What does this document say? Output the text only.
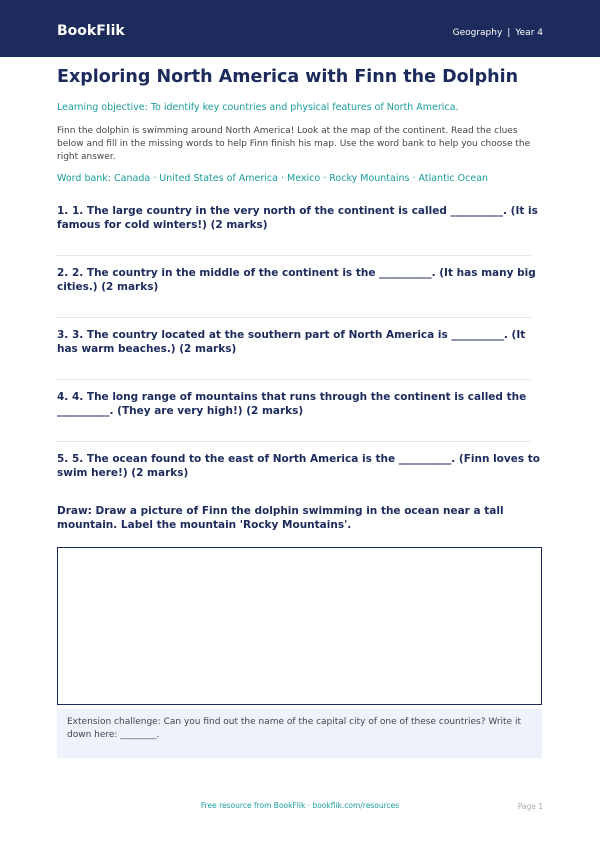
BookFlik	Geography | Year 4
Exploring North America with Finn the Dolphin
Learning objective: To identify key countries and physical features of North America.
Finn the dolphin is swimming around North America! Look at the map of the continent. Read the clues below and fill in the missing words to help Finn finish his map. Use the word bank to help you choose the right answer.
Word bank: Canada · United States of America · Mexico · Rocky Mountains · Atlantic Ocean
1. 1. The large country in the very north of the continent is called __________. (It is famous for cold winters!) (2 marks)
2. 2. The country in the middle of the continent is the __________. (It has many big cities.) (2 marks)
3. 3. The country located at the southern part of North America is __________. (It has warm beaches.) (2 marks)
4. 4. The long range of mountains that runs through the continent is called the __________. (They are very high!) (2 marks)
5. 5. The ocean found to the east of North America is the __________. (Finn loves to swim here!) (2 marks)
Draw: Draw a picture of Finn the dolphin swimming in the ocean near a tall mountain. Label the mountain 'Rocky Mountains'.
Extension challenge: Can you find out the name of the capital city of one of these countries? Write it down here: ________.
Free resource from BookFlik · bookflik.com/resources	Page 1
